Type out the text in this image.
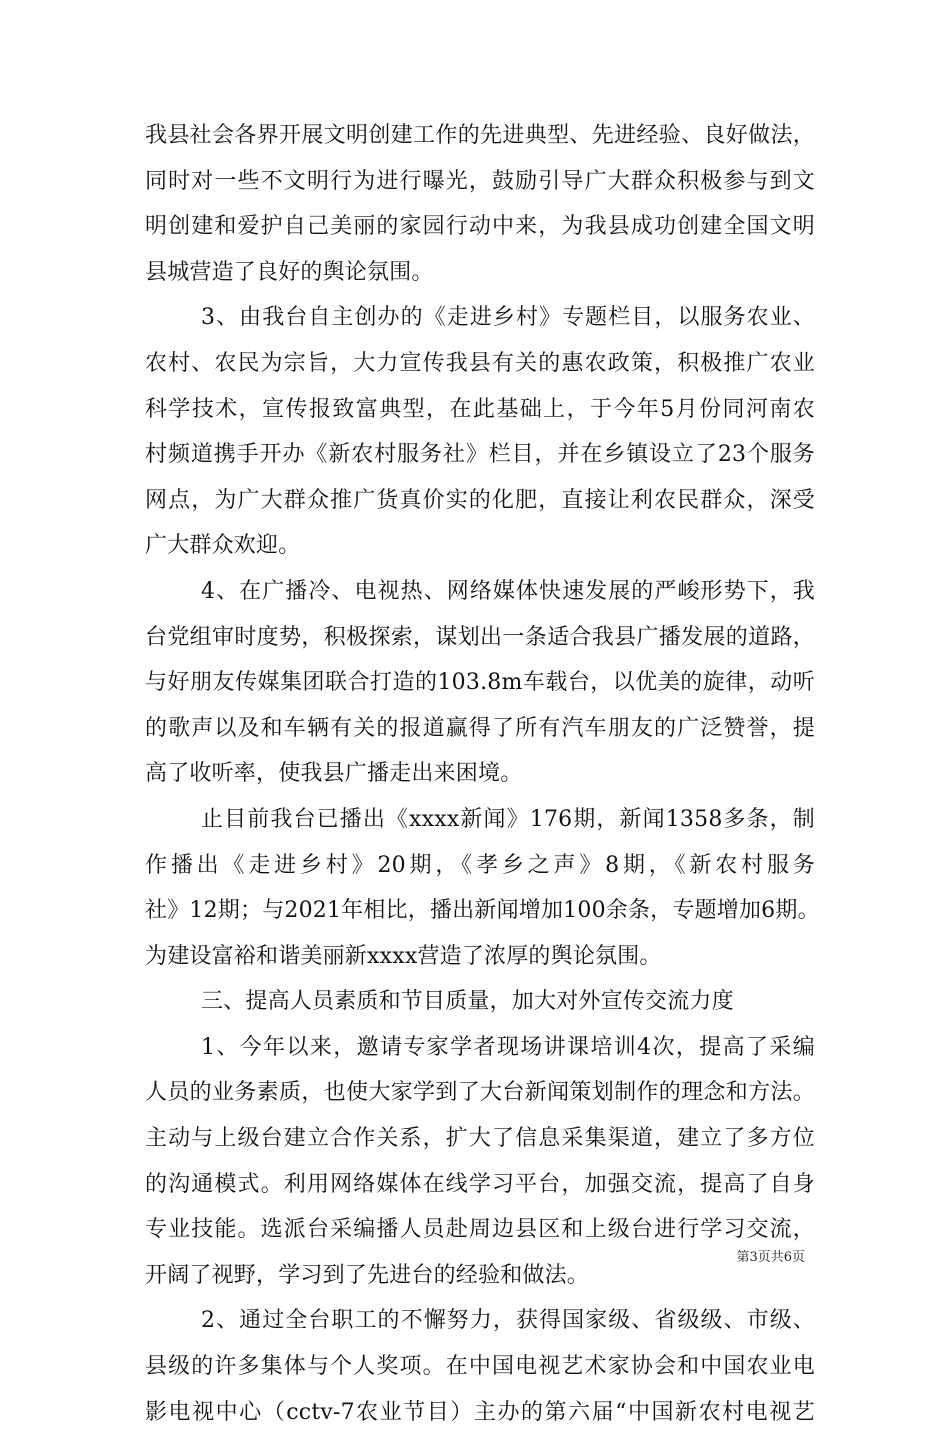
我县社会各界开展文明创建工作的先进典型、先进经验、良好做法，
同时对一些不文明行为进行曝光，鼓励引导广大群众积极参与到文
明创建和爱护自己美丽的家园行动中来，为我县成功创建全国文明
县城营造了良好的舆论氛围。
3、由我台自主创办的《走进乡村》专题栏目，以服务农业、
农村、农民为宗旨，大力宣传我县有关的惠农政策，积极推广农业
科学技术，宣传报致富典型，在此基础上，于今年5月份同河南农
村频道携手开办《新农村服务社》栏目，并在乡镇设立了23个服务
网点，为广大群众推广货真价实的化肥，直接让利农民群众，深受
广大群众欢迎。
4、在广播冷、电视热、网络媒体快速发展的严峻形势下，我
台党组审时度势，积极探索，谋划出一条适合我县广播发展的道路，
与好朋友传媒集团联合打造的103.8m车载台，以优美的旋律，动听
的歌声以及和车辆有关的报道赢得了所有汽车朋友的广泛赞誉，提
高了收听率，使我县广播走出来困境。
止目前我台已播出《xxxx新闻》176期，新闻1358多条，制
作播出《走进乡村》20期，《孝乡之声》8期，《新农村服务
社》12期；与2021年相比，播出新闻增加100余条，专题增加6期。
为建设富裕和谐美丽新xxxx营造了浓厚的舆论氛围。
三、提高人员素质和节目质量，加大对外宣传交流力度
1、今年以来，邀请专家学者现场讲课培训4次，提高了采编
人员的业务素质，也使大家学到了大台新闻策划制作的理念和方法。
主动与上级台建立合作关系，扩大了信息采集渠道，建立了多方位
的沟通模式。利用网络媒体在线学习平台，加强交流，提高了自身
专业技能。选派台采编播人员赴周边县区和上级台进行学习交流，
开阔了视野，学习到了先进台的经验和做法。
2、通过全台职工的不懈努力，获得国家级、省级级、市级、
县级的许多集体与个人奖项。在中国电视艺术家协会和中国农业电
影电视中心（cctv-7农业节目）主办的第六届“中国新农村电视艺
第3页共6页
